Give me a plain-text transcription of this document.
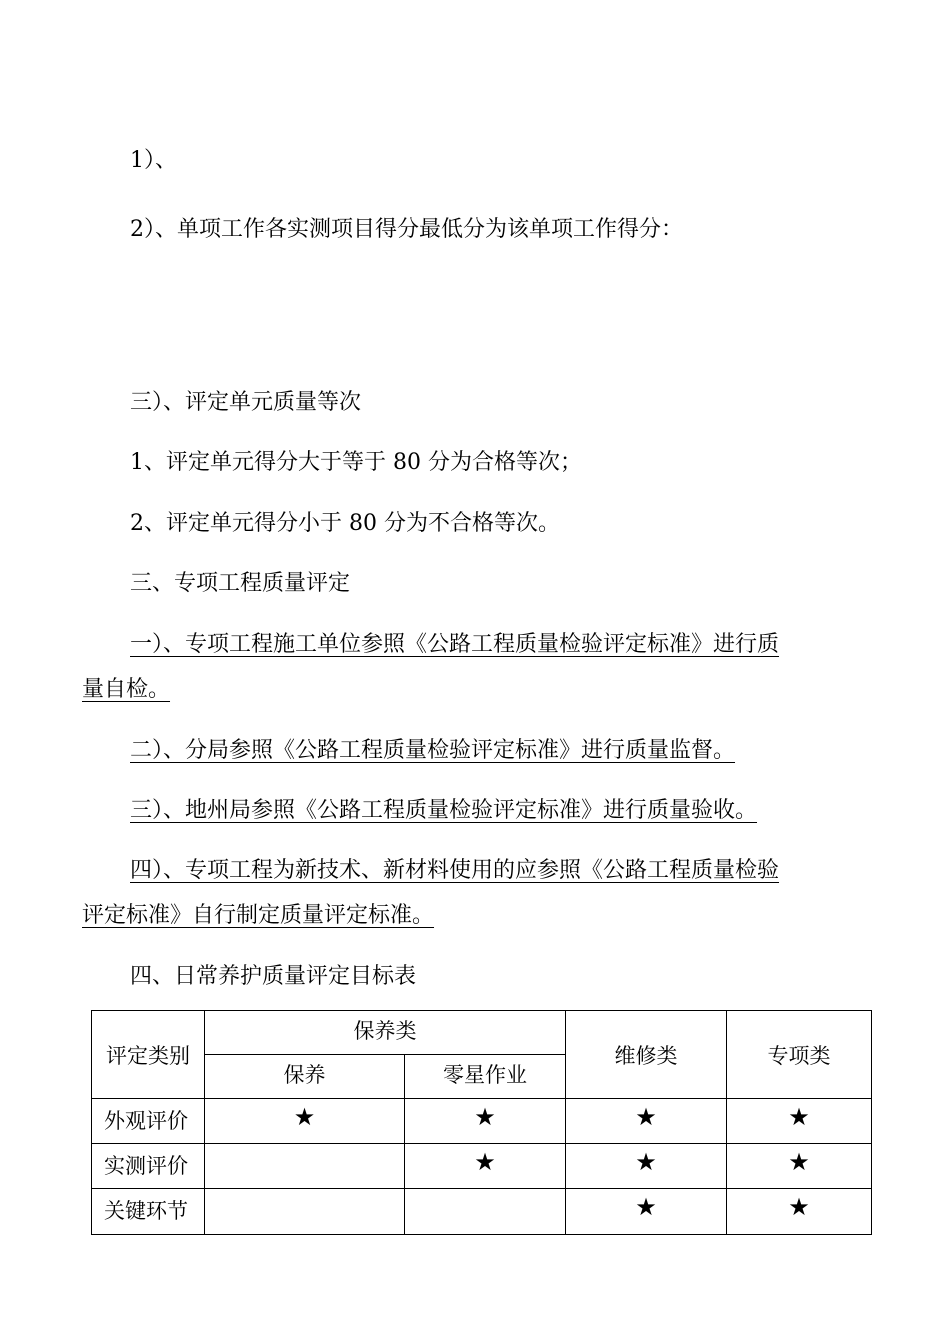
1）、
2）、单项工作各实测项目得分最低分为该单项工作得分：
三）、评定单元质量等次
1、评定单元得分大于等于 80 分为合格等次；
2、评定单元得分小于 80 分为不合格等次。
三、专项工程质量评定
一）、专项工程施工单位参照《公路工程质量检验评定标准》进行质
量自检。
二）、分局参照《公路工程质量检验评定标准》进行质量监督。
三）、地州局参照《公路工程质量检验评定标准》进行质量验收。
四）、专项工程为新技术、新材料使用的应参照《公路工程质量检验
评定标准》自行制定质量评定标准。
四、日常养护质量评定目标表
评定类别	保养类		维修类	专项类
	保养	零星作业		
外观评价	★	★	★	★
实测评价		★	★	★
关键环节			★	★
